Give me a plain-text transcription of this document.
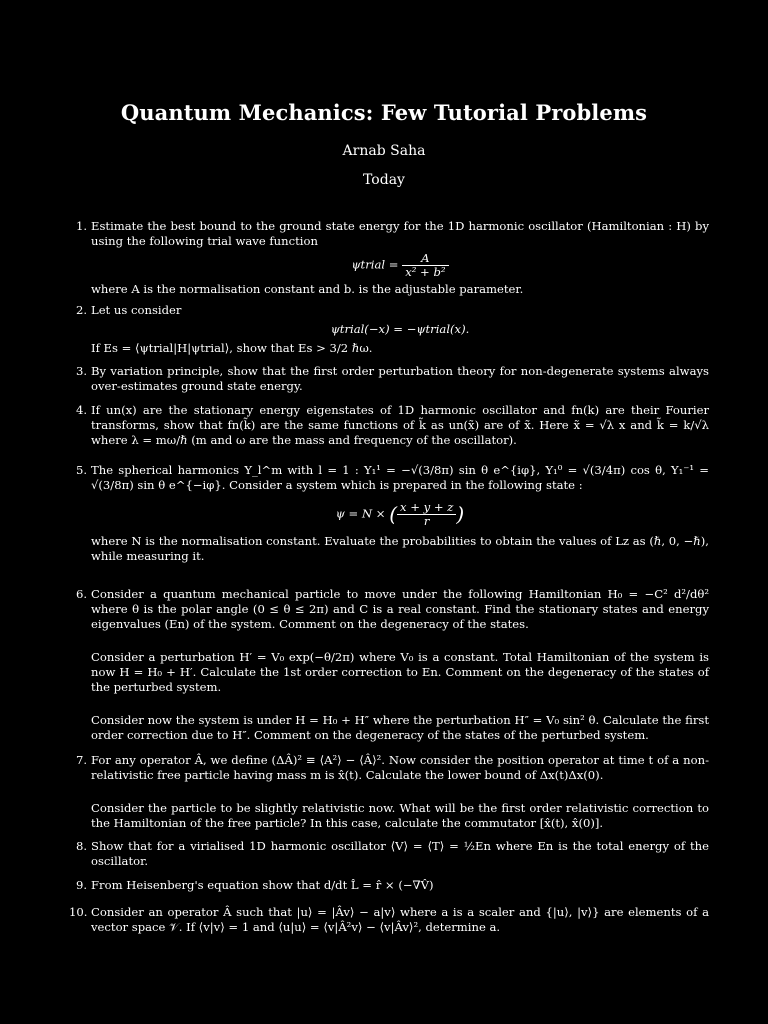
Quantum Mechanics: Few Tutorial Problems
Arnab Saha
Today
1. Estimate the best bound to the ground state energy for the 1D harmonic oscillator (Hamiltonian : H) by using the following trial wave function
ψtrial = $\frac{A}{\text{x² + b²}}$
where A is the normalisation constant and b. is the adjustable parameter.
2. Let us consider
ψtrial(−x) = −ψtrial(x).
If Es = ⟨ψtrial|H|ψtrial⟩, show that Es > 3/2 ℏω.
3. By variation principle, show that the first order perturbation theory for non-degenerate systems always over-estimates ground state energy.
4. If un(x) are the stationary energy eigenstates of 1D harmonic oscillator and fn(k) are their Fourier transforms, show that fn(k̃) are the same functions of k̃ as un(x̃) are of x̃. Here x̃ = √λ x and k̃ = k/√λ where λ = mω/ℏ (m and ω are the mass and frequency of the oscillator).
5. The spherical harmonics Y_l^m with l = 1 : Y₁¹ = −√(3/8π) sin θ e^{iφ}, Y₁⁰ = √(3/4π) cos θ, Y₁⁻¹ = √(3/8π) sin θ e^{−iφ}. Consider a system which is prepared in the following state :
ψ = N × ( $\frac{x + y + z}{r}$ )
where N is the normalisation constant. Evaluate the probabilities to obtain the values of Lz as (ℏ, 0, −ℏ), while measuring it.
6. Consider a quantum mechanical particle to move under the following Hamiltonian H₀ = −C² d²/dθ² where θ is the polar angle (0 ≤ θ ≤ 2π) and C is a real constant. Find the stationary states and energy eigenvalues (En) of the system. Comment on the degeneracy of the states.
Consider a perturbation H′ = V₀ exp(−θ/2π) where V₀ is a constant. Total Hamiltonian of the system is now H = H₀ + H′. Calculate the 1st order correction to En. Comment on the degeneracy of the states of the perturbed system.
Consider now the system is under H = H₀ + H″ where the perturbation H″ = V₀ sin² θ. Calculate the first order correction due to H″. Comment on the degeneracy of the states of the perturbed system.
7. For any operator Â, we define (ΔÂ)² ≡ ⟨A²⟩ − ⟨Â⟩². Now consider the position operator at time t of a non-relativistic free particle having mass m is x̂(t). Calculate the lower bound of Δx(t)Δx(0).
Consider the particle to be slightly relativistic now. What will be the first order relativistic correction to the Hamiltonian of the free particle? In this case, calculate the commutator [x̂(t), x̂(0)].
8. Show that for a virialised 1D harmonic oscillator ⟨V⟩ = ⟨T⟩ = ½En where En is the total energy of the oscillator.
9. From Heisenberg's equation show that d/dt L̂ = r̂ × (−∇V̂)
10. Consider an operator Â such that |u⟩ = |Âv⟩ − a|v⟩ where a is a scaler and {|u⟩, |v⟩} are elements of a vector space 𝒱. If ⟨v|v⟩ = 1 and ⟨u|u⟩ = ⟨v|Â²v⟩ − ⟨v|Âv⟩², determine a.
